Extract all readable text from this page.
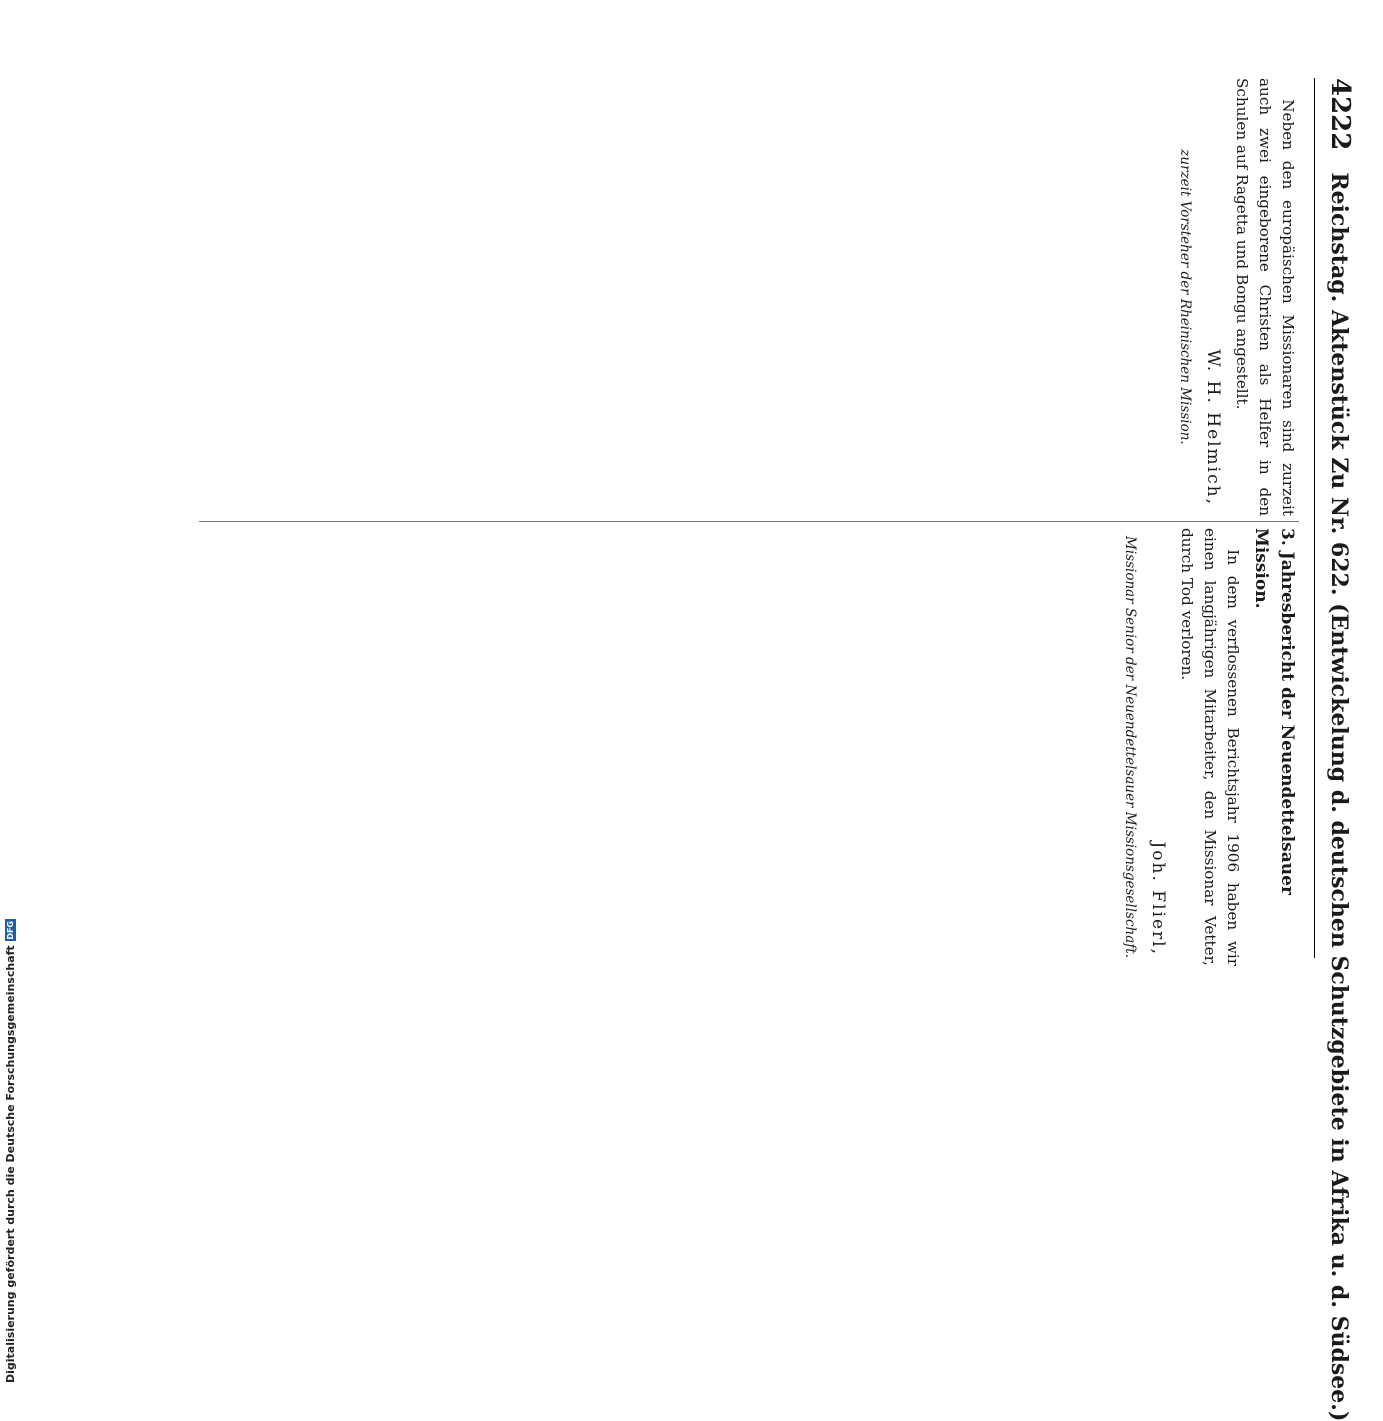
4222
Reichstag. Aktenstück Zu Nr. 622. (Entwickelung d. deutschen Schutzgebiete in Afrika u. d. Südsee.)

Neben den europäischen Missionaren sind zurzeit auch zwei eingeborene Christen als Helfer in den Schulen auf Ragetta und Bongu angestellt.

W. H. Helmich,

zurzeit Vorsteher der Rheinischen Mission.

3. Jahresbericht der Neuendettelsauer Mission.

In dem verflossenen Berichtsjahr 1906 haben wir einen langjährigen Mitarbeiter, den Missionar Vetter, durch Tod verloren.

Joh. Flierl,

Missionar Senior der Neuendettelsauer Missionsgesellschaft.

Digitalisierung gefördert durch die Deutsche Forschungsgemeinschaft
DFG
